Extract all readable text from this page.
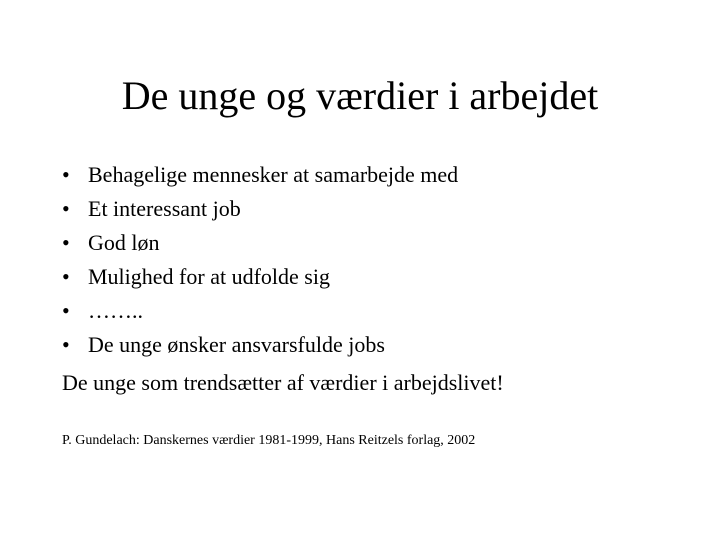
De unge og værdier i arbejdet
• Behagelige mennesker at samarbejde med
• Et interessant job
• God løn
• Mulighed for at udfolde sig
• ……..
• De unge ønsker ansvarsfulde jobs
De unge som trendsætter af værdier i arbejdslivet!
P. Gundelach: Danskernes værdier 1981-1999, Hans Reitzels forlag, 2002
